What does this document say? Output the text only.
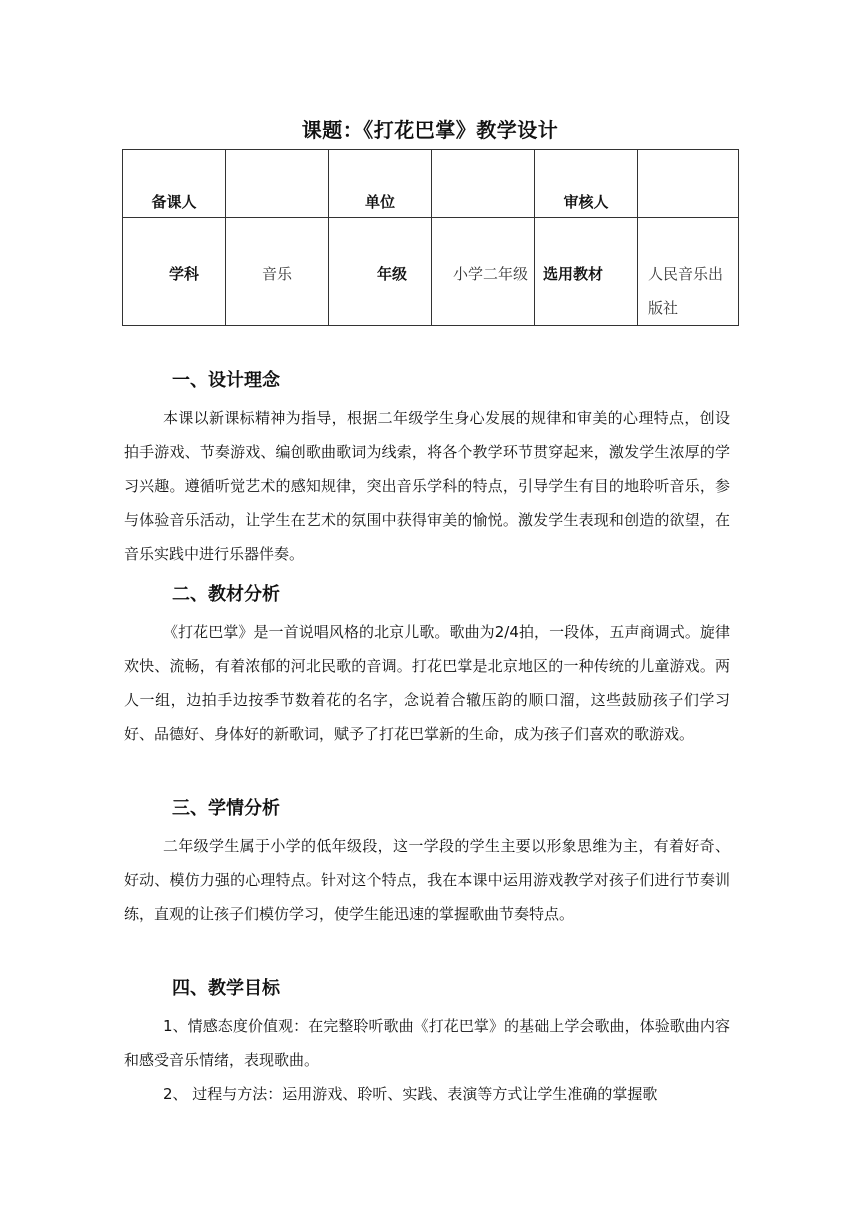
课题：《打花巴掌》教学设计
备课人		单位		审核人	

学科	音乐	年级	小学二年级	选用教材	人民音乐出版社
一、设计理念
本课以新课标精神为指导，根据二年级学生身心发展的规律和审美的心理特点，创设拍手游戏、节奏游戏、编创歌曲歌词为线索，将各个教学环节贯穿起来，激发学生浓厚的学习兴趣。遵循听觉艺术的感知规律，突出音乐学科的特点，引导学生有目的地聆听音乐，参与体验音乐活动，让学生在艺术的氛围中获得审美的愉悦。激发学生表现和创造的欲望，在音乐实践中进行乐器伴奏。
二、教材分析
《打花巴掌》是一首说唱风格的北京儿歌。歌曲为2/4拍，一段体，五声商调式。旋律欢快、流畅，有着浓郁的河北民歌的音调。打花巴掌是北京地区的一种传统的儿童游戏。两人一组，边拍手边按季节数着花的名字，念说着合辙压韵的顺口溜，这些鼓励孩子们学习好、品德好、身体好的新歌词，赋予了打花巴掌新的生命，成为孩子们喜欢的歌游戏。
三、学情分析
二年级学生属于小学的低年级段，这一学段的学生主要以形象思维为主，有着好奇、好动、模仿力强的心理特点。针对这个特点，我在本课中运用游戏教学对孩子们进行节奏训练，直观的让孩子们模仿学习，使学生能迅速的掌握歌曲节奏特点。
四、教学目标
1、情感态度价值观：在完整聆听歌曲《打花巴掌》的基础上学会歌曲，体验歌曲内容和感受音乐情绪，表现歌曲。
2、 过程与方法：运用游戏、聆听、实践、表演等方式让学生准确的掌握歌
